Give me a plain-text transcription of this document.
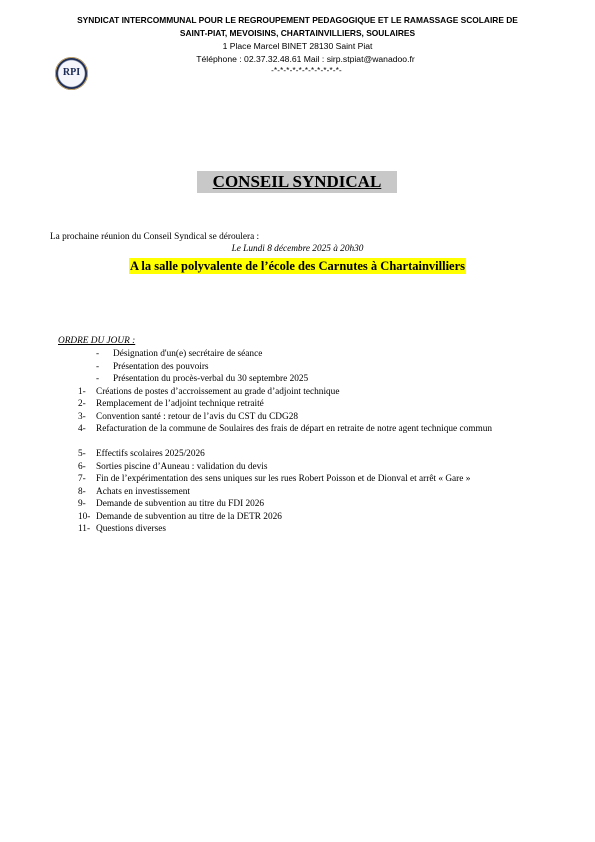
SYNDICAT INTERCOMMUNAL POUR LE REGROUPEMENT PEDAGOGIQUE ET LE RAMASSAGE SCOLAIRE DE
SAINT-PIAT, MEVOISINS, CHARTAINVILLIERS, SOULAIRES
1 Place Marcel BINET 28130 Saint Piat
Téléphone : 02.37.32.48.61 Mail : sirp.stpiat@wanadoo.fr
-*-*-*-*-*-*-*-*-*-*-*-
RPI
CONSEIL SYNDICAL
La prochaine réunion du Conseil Syndical se déroulera :
Le Lundi 8 décembre 2025 à 20h30
A la salle polyvalente de l’école des Carnutes à Chartainvilliers
ORDRE DU JOUR :
- Désignation d'un(e) secrétaire de séance
- Présentation des pouvoirs
- Présentation du procès-verbal du 30 septembre 2025
1- Créations de postes d’accroissement au grade d’adjoint technique
2- Remplacement de l’adjoint technique retraité
3- Convention santé : retour de l’avis du CST du CDG28
4- Refacturation de la commune de Soulaires des frais de départ en retraite de notre agent technique commun
5- Effectifs scolaires 2025/2026
6- Sorties piscine d’Auneau : validation du devis
7- Fin de l’expérimentation des sens uniques sur les rues Robert Poisson et de Dionval et arrêt « Gare »
8- Achats en investissement
9- Demande de subvention au titre du FDI 2026
10- Demande de subvention au titre de la DETR 2026
11- Questions diverses
